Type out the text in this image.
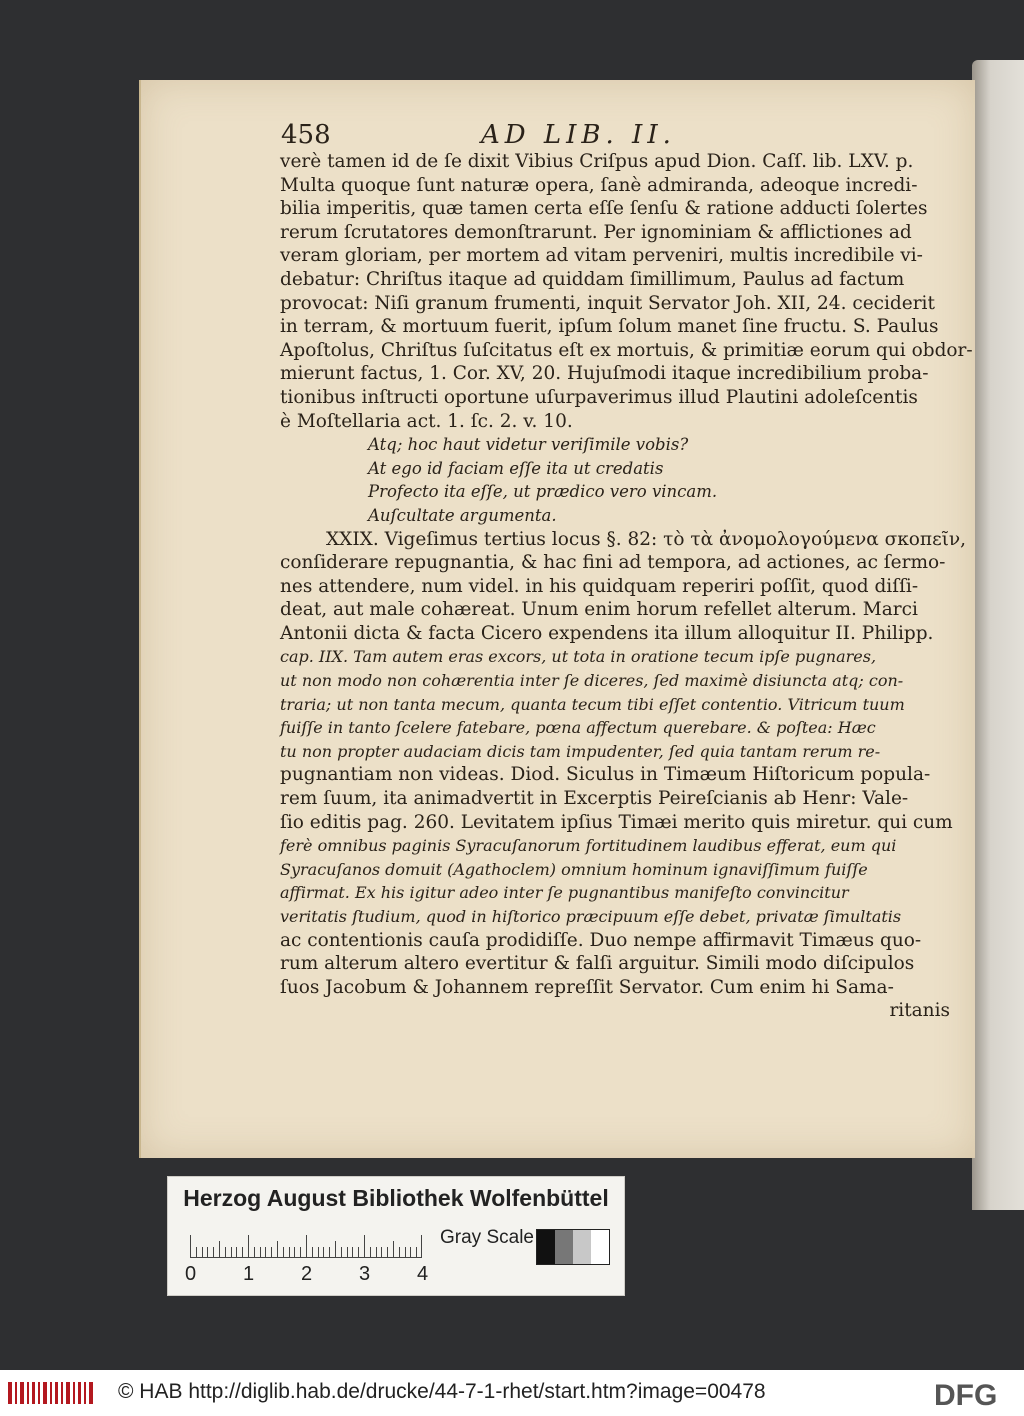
458	AD LIB. II.
verè tamen id de ſe dixit Vibius Criſpus apud Dion. Caſſ. lib. LXV. p.
Multa quoque ſunt naturæ opera, ſanè admiranda, adeoque incredi-
bilia imperitis, quæ tamen certa eſſe ſenſu & ratione adducti ſolertes
rerum ſcrutatores demonſtrarunt. Per ignominiam & afflictiones ad
veram gloriam, per mortem ad vitam perveniri, multis incredibile vi-
debatur: Chriſtus itaque ad quiddam ſimillimum, Paulus ad factum
provocat: Niſi granum frumenti, inquit Servator Joh. XII, 24. ceciderit
in terram, & mortuum fuerit, ipſum ſolum manet ſine fructu. S. Paulus
Apoſtolus, Chriſtus ſuſcitatus eſt ex mortuis, & primitiæ eorum qui obdor-
mierunt factus, 1. Cor. XV, 20. Hujuſmodi itaque incredibilium proba-
tionibus inſtructi oportune uſurpaverimus illud Plautini adoleſcentis
è Moſtellaria act. 1. ſc. 2. v. 10.
Atq; hoc haut videtur veriſimile vobis?
At ego id faciam eſſe ita ut credatis
Profecto ita eſſe, ut prædico vero vincam.
Auſcultate argumenta.
XXIX. Vigeſimus tertius locus §. 82: τὸ τὰ ἀνομολογούμενα σκοπεῖν,
conſiderare repugnantia, & hac fini ad tempora, ad actiones, ac ſermo-
nes attendere, num videl. in his quidquam reperiri poſſit, quod diſſi-
deat, aut male cohæreat. Unum enim horum refellet alterum. Marci
Antonii dicta & facta Cicero expendens ita illum alloquitur II. Philipp.
cap. IIX. Tam autem eras excors, ut tota in oratione tecum ipſe pugnares,
ut non modo non cohærentia inter ſe diceres, ſed maximè disiuncta atq; con-
traria; ut non tanta mecum, quanta tecum tibi eſſet contentio. Vitricum tuum
fuiſſe in tanto ſcelere fatebare, pœna affectum querebare. & poſtea: Hæc
tu non propter audaciam dicis tam impudenter, ſed quia tantam rerum re-
pugnantiam non videas. Diod. Siculus in Timæum Hiſtoricum popula-
rem ſuum, ita animadvertit in Excerptis Peireſcianis ab Henr: Vale-
ſio editis pag. 260. Levitatem ipſius Timæi merito quis miretur. qui cum
ferè omnibus paginis Syracuſanorum fortitudinem laudibus efferat, eum qui
Syracuſanos domuit (Agathoclem) omnium hominum ignaviſſimum fuiſſe
affirmat. Ex his igitur adeo inter ſe pugnantibus manifeſto convincitur
veritatis ſtudium, quod in hiſtorico præcipuum eſſe debet, privatæ ſimultatis
ac contentionis cauſa prodidiſſe. Duo nempe affirmavit Timæus quo-
rum alterum altero evertitur & falſi arguitur. Simili modo diſcipulos
ſuos Jacobum & Johannem repreſſit Servator. Cum enim hi Sama-
ritanis
Herzog August Bibliothek Wolfenbüttel
0 1 2 3 4
Gray Scale
© HAB http://diglib.hab.de/drucke/44-7-1-rhet/start.htm?image=00478	DFG
